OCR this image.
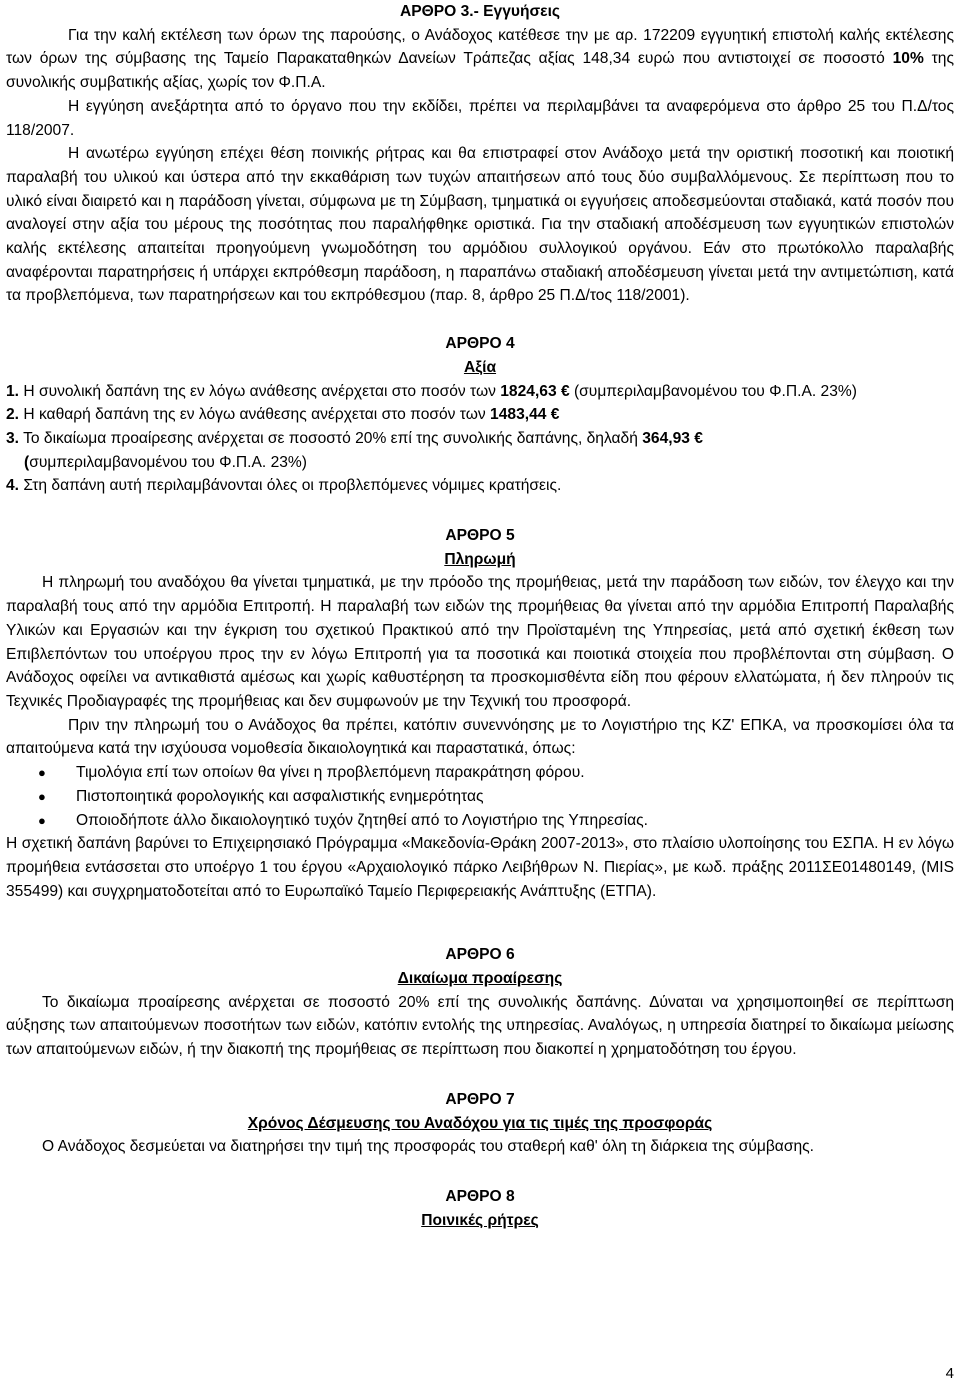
ΑΡΘΡΟ 3.- Εγγυήσεις

Για την καλή εκτέλεση των όρων της παρούσης, ο Ανάδοχος κατέθεσε την με αρ. 172209 εγγυητική επιστολή καλής εκτέλεσης των όρων της σύμβασης της Ταμείο Παρακαταθηκών Δανείων Τράπεζας αξίας 148,34 ευρώ που αντιστοιχεί σε ποσοστό 10% της συνολικής συμβατικής αξίας, χωρίς τον Φ.Π.Α.

Η εγγύηση ανεξάρτητα από το όργανο που την εκδίδει, πρέπει να περιλαμβάνει τα αναφερόμενα στο άρθρο 25 του Π.Δ/τος 118/2007.

Η ανωτέρω εγγύηση επέχει θέση ποινικής ρήτρας και θα επιστραφεί στον Ανάδοχο μετά την οριστική ποσοτική και ποιοτική παραλαβή του υλικού και ύστερα από την εκκαθάριση των τυχών απαιτήσεων από τους δύο συμβαλλόμενους. Σε περίπτωση που το υλικό είναι διαιρετό και η παράδοση γίνεται, σύμφωνα με τη Σύμβαση, τμηματικά οι εγγυήσεις αποδεσμεύονται σταδιακά, κατά ποσόν που αναλογεί στην αξία του μέρους της ποσότητας που παραλήφθηκε οριστικά. Για την σταδιακή αποδέσμευση των εγγυητικών επιστολών καλής εκτέλεσης απαιτείται προηγούμενη γνωμοδότηση του αρμόδιου συλλογικού οργάνου. Εάν στο πρωτόκολλο παραλαβής αναφέρονται παρατηρήσεις ή υπάρχει εκπρόθεσμη παράδοση, η παραπάνω σταδιακή αποδέσμευση γίνεται μετά την αντιμετώπιση, κατά τα προβλεπόμενα, των παρατηρήσεων και του εκπρόθεσμου (παρ. 8, άρθρο 25 Π.Δ/τος 118/2001).

ΑΡΘΡΟ 4

Αξία

1. Η συνολική δαπάνη της εν λόγω ανάθεσης ανέρχεται στο ποσόν των 1824,63 € (συμπεριλαμβανομένου του Φ.Π.Α. 23%)

2. Η καθαρή δαπάνη της εν λόγω ανάθεσης ανέρχεται στο ποσόν των 1483,44 €

3. Το δικαίωμα προαίρεσης ανέρχεται σε ποσοστό 20% επί της συνολικής δαπάνης, δηλαδή 364,93 €
(συμπεριλαμβανομένου του Φ.Π.Α. 23%)

4. Στη δαπάνη αυτή περιλαμβάνονται όλες οι προβλεπόμενες νόμιμες κρατήσεις.

ΑΡΘΡΟ 5

Πληρωμή

Η πληρωμή του αναδόχου θα γίνεται τμηματικά, με την πρόοδο της προμήθειας, μετά την παράδοση των ειδών, τον έλεγχο και την παραλαβή τους από την αρμόδια Επιτροπή. Η παραλαβή των ειδών της προμήθειας θα γίνεται από την αρμόδια Επιτροπή Παραλαβής Υλικών και Εργασιών και την έγκριση του σχετικού Πρακτικού από την Προϊσταμένη της Υπηρεσίας, μετά από σχετική έκθεση των Επιβλεπόντων του υποέργου προς την εν λόγω Επιτροπή για τα ποσοτικά και ποιοτικά στοιχεία που προβλέπονται στη σύμβαση. Ο Ανάδοχος οφείλει να αντικαθιστά αμέσως και χωρίς καθυστέρηση τα προσκομισθέντα είδη που φέρουν ελλατώματα, ή δεν πληρούν τις Τεχνικές Προδιαγραφές της προμήθειας και δεν συμφωνούν με την Τεχνική του προσφορά.

Πριν την πληρωμή του ο Ανάδοχος θα πρέπει, κατόπιν συνεννόησης με το Λογιστήριο της ΚΖ' ΕΠΚΑ, να προσκομίσει όλα τα απαιτούμενα κατά την ισχύουσα νομοθεσία δικαιολογητικά και παραστατικά, όπως:

● Τιμολόγια επί των οποίων θα γίνει η προβλεπόμενη παρακράτηση φόρου.
● Πιστοποιητικά φορολογικής και ασφαλιστικής ενημερότητας
● Οποιοδήποτε άλλο δικαιολογητικό τυχόν ζητηθεί από το Λογιστήριο της Υπηρεσίας.

Η σχετική δαπάνη βαρύνει το Επιχειρησιακό Πρόγραμμα «Μακεδονία-Θράκη 2007-2013», στο πλαίσιο υλοποίησης του ΕΣΠΑ. Η εν λόγω προμήθεια εντάσσεται στο υποέργο 1 του έργου «Αρχαιολογικό πάρκο Λειβήθρων Ν. Πιερίας», με κωδ. πράξης 2011ΣΕ01480149, (MIS 355499) και συγχρηματοδοτείται από το Ευρωπαϊκό Ταμείο Περιφερειακής Ανάπτυξης (ΕΤΠΑ).

ΑΡΘΡΟ 6

Δικαίωμα προαίρεσης

Το δικαίωμα προαίρεσης ανέρχεται σε ποσοστό 20% επί της συνολικής δαπάνης. Δύναται να χρησιμοποιηθεί σε περίπτωση αύξησης των απαιτούμενων ποσοτήτων των ειδών, κατόπιν εντολής της υπηρεσίας. Αναλόγως, η υπηρεσία διατηρεί το δικαίωμα μείωσης των απαιτούμενων ειδών, ή την διακοπή της προμήθειας σε περίπτωση που διακοπεί η χρηματοδότηση του έργου.

ΑΡΘΡΟ 7

Χρόνος Δέσμευσης του Αναδόχου για τις τιμές της προσφοράς

Ο Ανάδοχος δεσμεύεται να διατηρήσει την τιμή της προσφοράς του σταθερή καθ' όλη τη διάρκεια της σύμβασης.

ΑΡΘΡΟ 8

Ποινικές ρήτρες

4
